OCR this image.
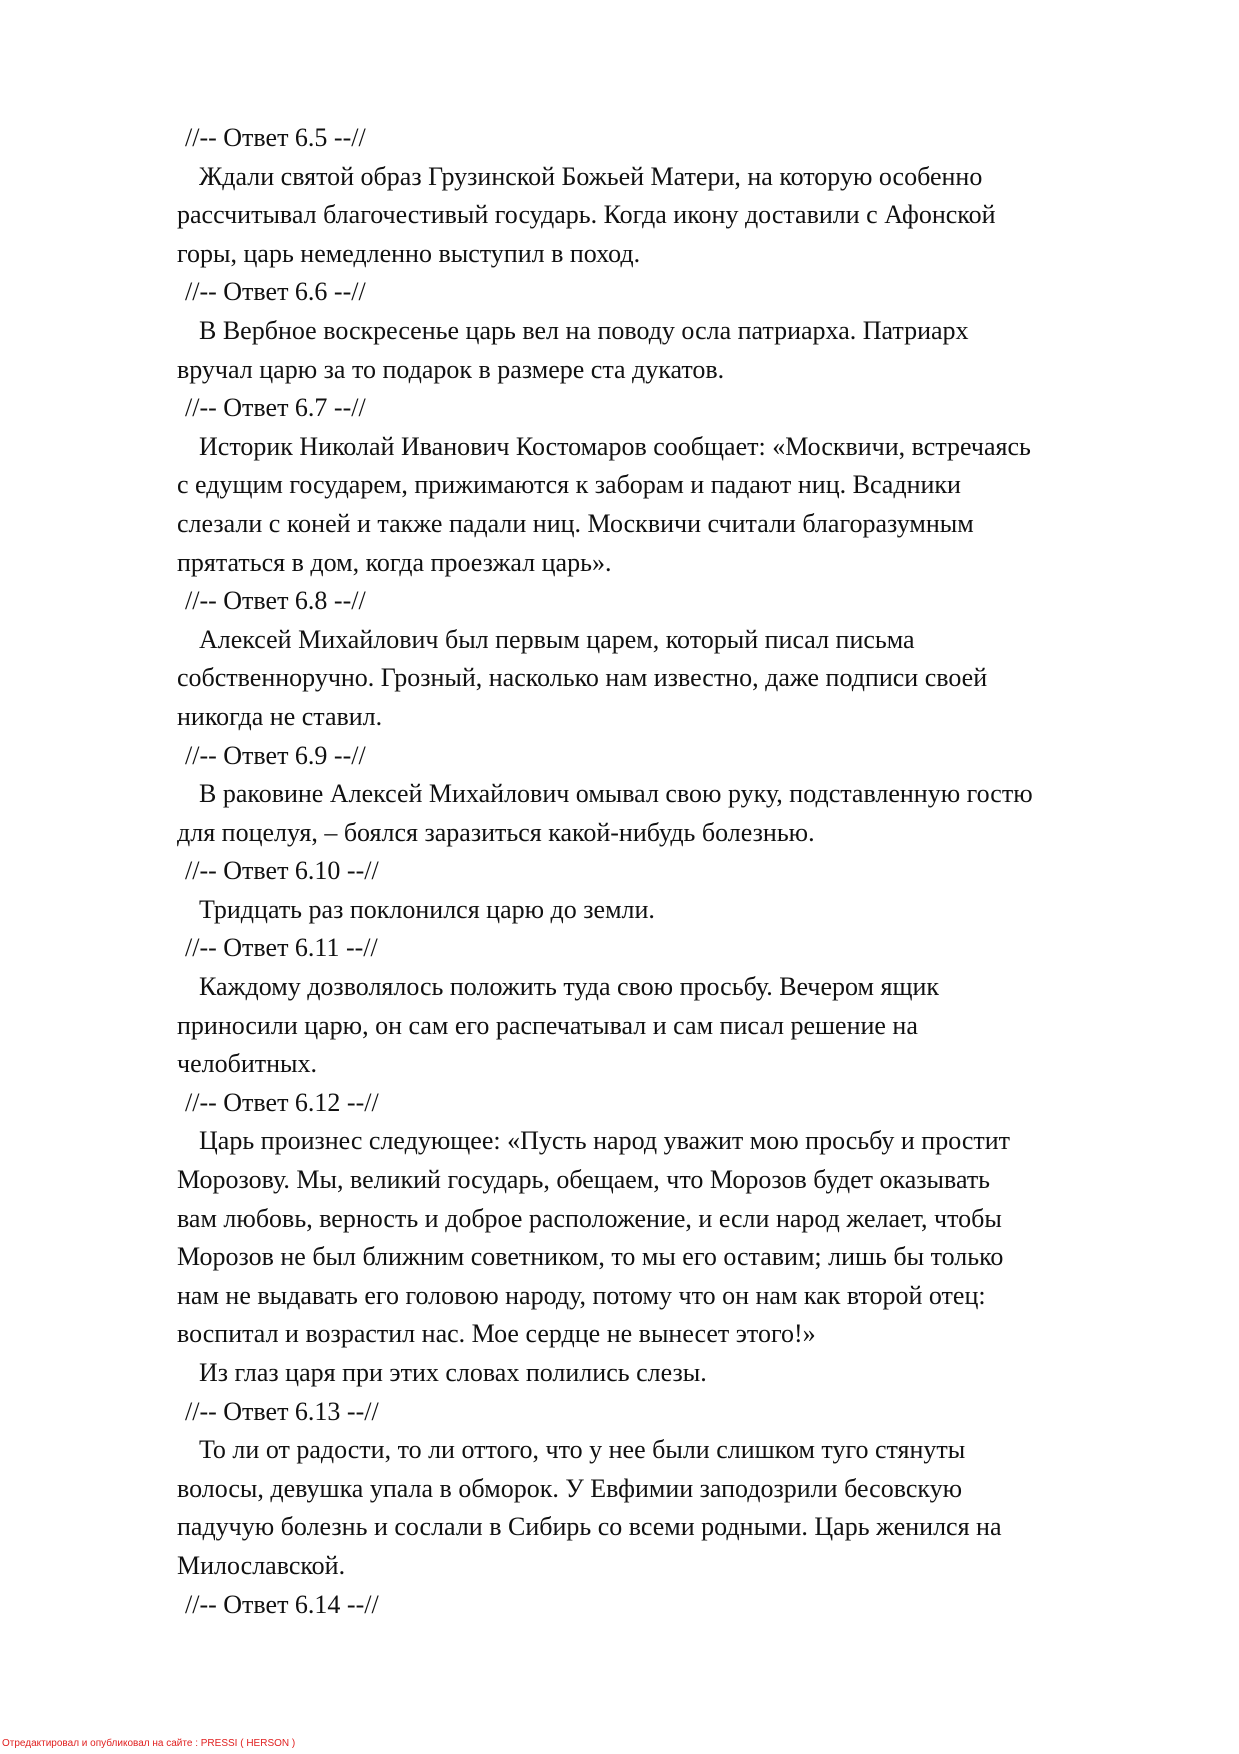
//-- Ответ 6.5 --//

Ждали святой образ Грузинской Божьей Матери, на которую особенно

рассчитывал благочестивый государь. Когда икону доставили с Афонской

горы, царь немедленно выступил в поход.

//-- Ответ 6.6 --//

В Вербное воскресенье царь вел на поводу осла патриарха. Патриарх

вручал царю за то подарок в размере ста дукатов.

//-- Ответ 6.7 --//

Историк Николай Иванович Костомаров сообщает: «Москвичи, встречаясь

с едущим государем, прижимаются к заборам и падают ниц. Всадники

слезали с коней и также падали ниц. Москвичи считали благоразумным

прятаться в дом, когда проезжал царь».

//-- Ответ 6.8 --//

Алексей Михайлович был первым царем, который писал письма

собственноручно. Грозный, насколько нам известно, даже подписи своей

никогда не ставил.

//-- Ответ 6.9 --//

В раковине Алексей Михайлович омывал свою руку, подставленную гостю

для поцелуя, – боялся заразиться какой-нибудь болезнью.

//-- Ответ 6.10 --//

Тридцать раз поклонился царю до земли.

//-- Ответ 6.11 --//

Каждому дозволялось положить туда свою просьбу. Вечером ящик

приносили царю, он сам его распечатывал и сам писал решение на

челобитных.

//-- Ответ 6.12 --//

Царь произнес следующее: «Пусть народ уважит мою просьбу и простит

Морозову. Мы, великий государь, обещаем, что Морозов будет оказывать

вам любовь, верность и доброе расположение, и если народ желает, чтобы

Морозов не был ближним советником, то мы его оставим; лишь бы только

нам не выдавать его головою народу, потому что он нам как второй отец:

воспитал и возрастил нас. Мое сердце не вынесет этого!»

Из глаз царя при этих словах полились слезы.

//-- Ответ 6.13 --//

То ли от радости, то ли оттого, что у нее были слишком туго стянуты

волосы, девушка упала в обморок. У Евфимии заподозрили бесовскую

падучую болезнь и сослали в Сибирь со всеми родными. Царь женился на

Милославской.

//-- Ответ 6.14 --//

Отредактировал и опубликовал на сайте : PRESSI ( HERSON )
